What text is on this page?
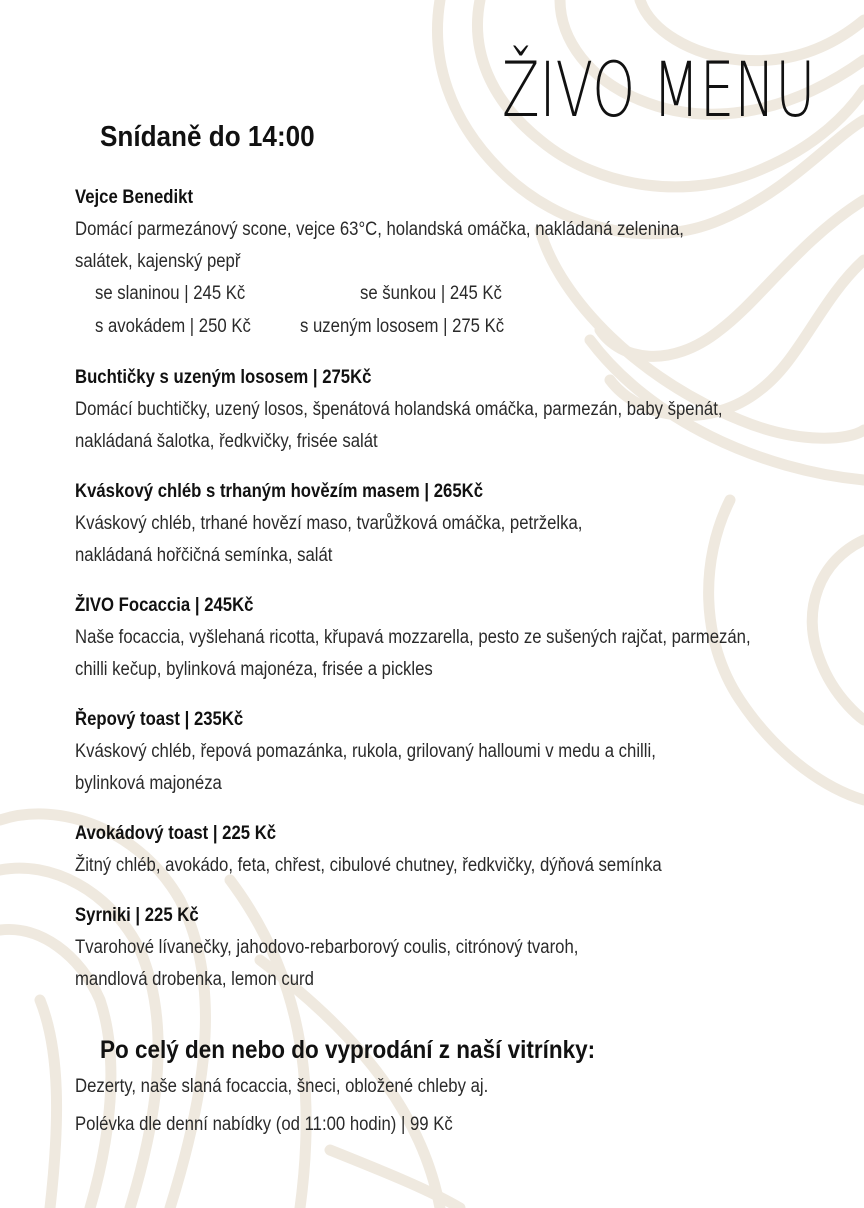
ŽIVO MENU
Snídaně do 14:00
Vejce Benedikt
Domácí parmezánový scone, vejce 63°C, holandská omáčka, nakládaná zelenina,
salátek, kajenský pepř
se slaninou | 245 Kč	se šunkou | 245 Kč
s avokádem | 250 Kč	s uzeným lososem | 275 Kč
Buchtičky s uzeným lososem | 275Kč
Domácí buchtičky, uzený losos, špenátová holandská omáčka, parmezán, baby špenát,
nakládaná šalotka, ředkvičky, frisée salát
Kváskový chléb s trhaným hovězím masem | 265Kč
Kváskový chléb, trhané hovězí maso, tvarůžková omáčka, petrželka,
nakládaná hořčičná semínka, salát
ŽIVO Focaccia | 245Kč
Naše focaccia, vyšlehaná ricotta, křupavá mozzarella, pesto ze sušených rajčat, parmezán,
chilli kečup, bylinková majonéza, frisée a pickles
Řepový toast | 235Kč
Kváskový chléb, řepová pomazánka, rukola, grilovaný halloumi v medu a chilli,
bylinková majonéza
Avokádový toast | 225 Kč
Žitný chléb, avokádo, feta, chřest, cibulové chutney, ředkvičky, dýňová semínka
Syrniki | 225 Kč
Tvarohové lívanečky, jahodovo-rebarborový coulis, citrónový tvaroh,
mandlová drobenka, lemon curd
Po celý den nebo do vyprodání z naší vitrínky:
Dezerty, naše slaná focaccia, šneci, obložené chleby aj.
Polévka dle denní nabídky (od 11:00 hodin) | 99 Kč
